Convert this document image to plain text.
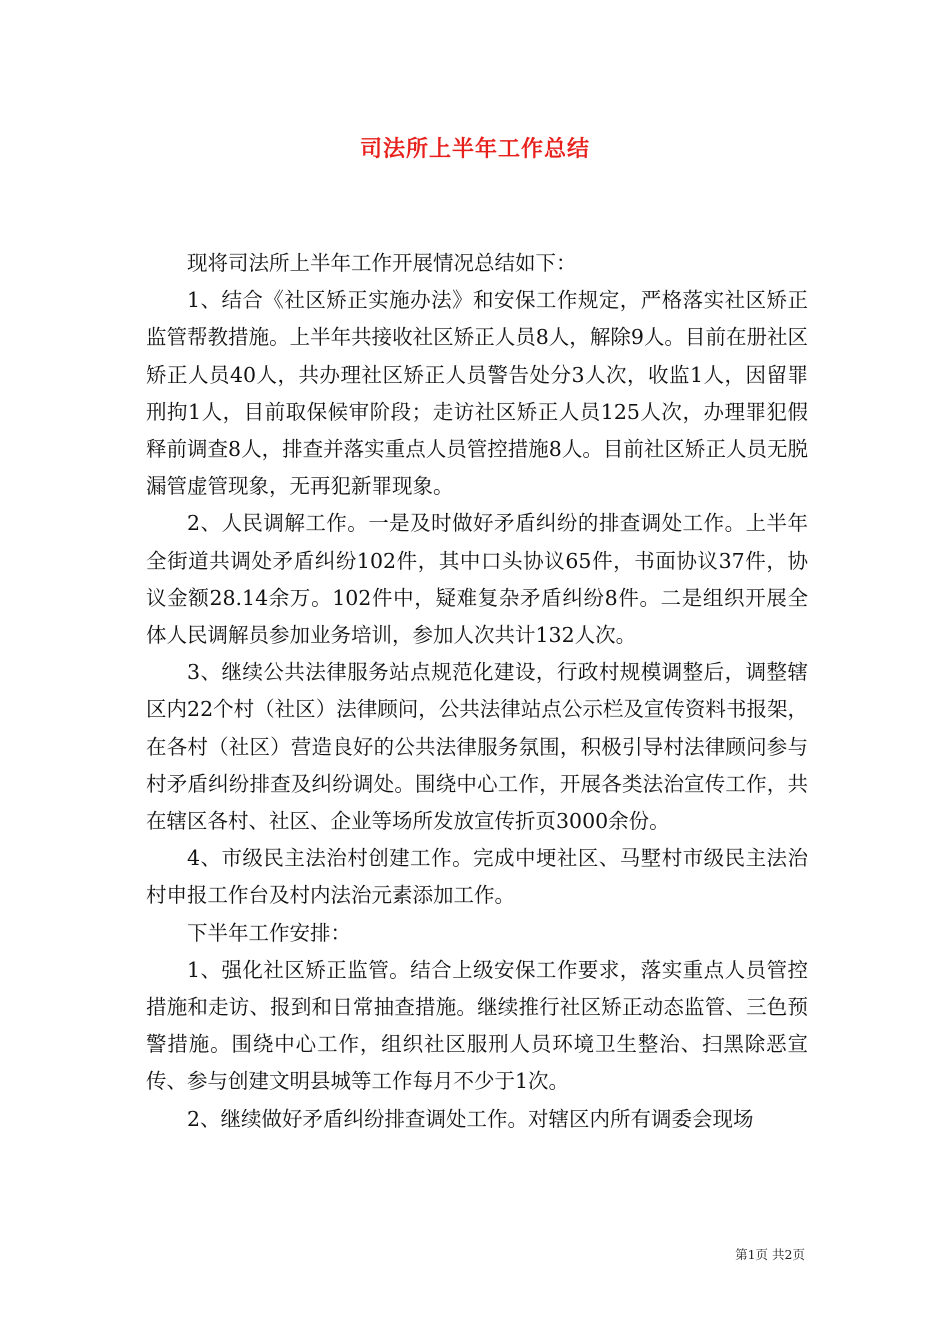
司法所上半年工作总结

现将司法所上半年工作开展情况总结如下：

1、结合《社区矫正实施办法》和安保工作规定，严格落实社区矫正监管帮教措施。上半年共接收社区矫正人员8人，解除9人。目前在册社区矫正人员40人，共办理社区矫正人员警告处分3人次，收监1人，因留罪刑拘1人，目前取保候审阶段；走访社区矫正人员125人次，办理罪犯假释前调查8人，排查并落实重点人员管控措施8人。目前社区矫正人员无脱漏管虚管现象，无再犯新罪现象。

2、人民调解工作。一是及时做好矛盾纠纷的排查调处工作。上半年全街道共调处矛盾纠纷102件，其中口头协议65件，书面协议37件，协议金额28.14余万。102件中，疑难复杂矛盾纠纷8件。二是组织开展全体人民调解员参加业务培训，参加人次共计132人次。

3、继续公共法律服务站点规范化建设，行政村规模调整后，调整辖区内22个村（社区）法律顾问，公共法律站点公示栏及宣传资料书报架，在各村（社区）营造良好的公共法律服务氛围，积极引导村法律顾问参与村矛盾纠纷排查及纠纷调处。围绕中心工作，开展各类法治宣传工作，共在辖区各村、社区、企业等场所发放宣传折页3000余份。

4、市级民主法治村创建工作。完成中埂社区、马墅村市级民主法治村申报工作台及村内法治元素添加工作。

下半年工作安排：

1、强化社区矫正监管。结合上级安保工作要求，落实重点人员管控措施和走访、报到和日常抽查措施。继续推行社区矫正动态监管、三色预警措施。围绕中心工作，组织社区服刑人员环境卫生整治、扫黑除恶宣传、参与创建文明县城等工作每月不少于1次。

2、继续做好矛盾纠纷排查调处工作。对辖区内所有调委会现场

第1页 共2页
